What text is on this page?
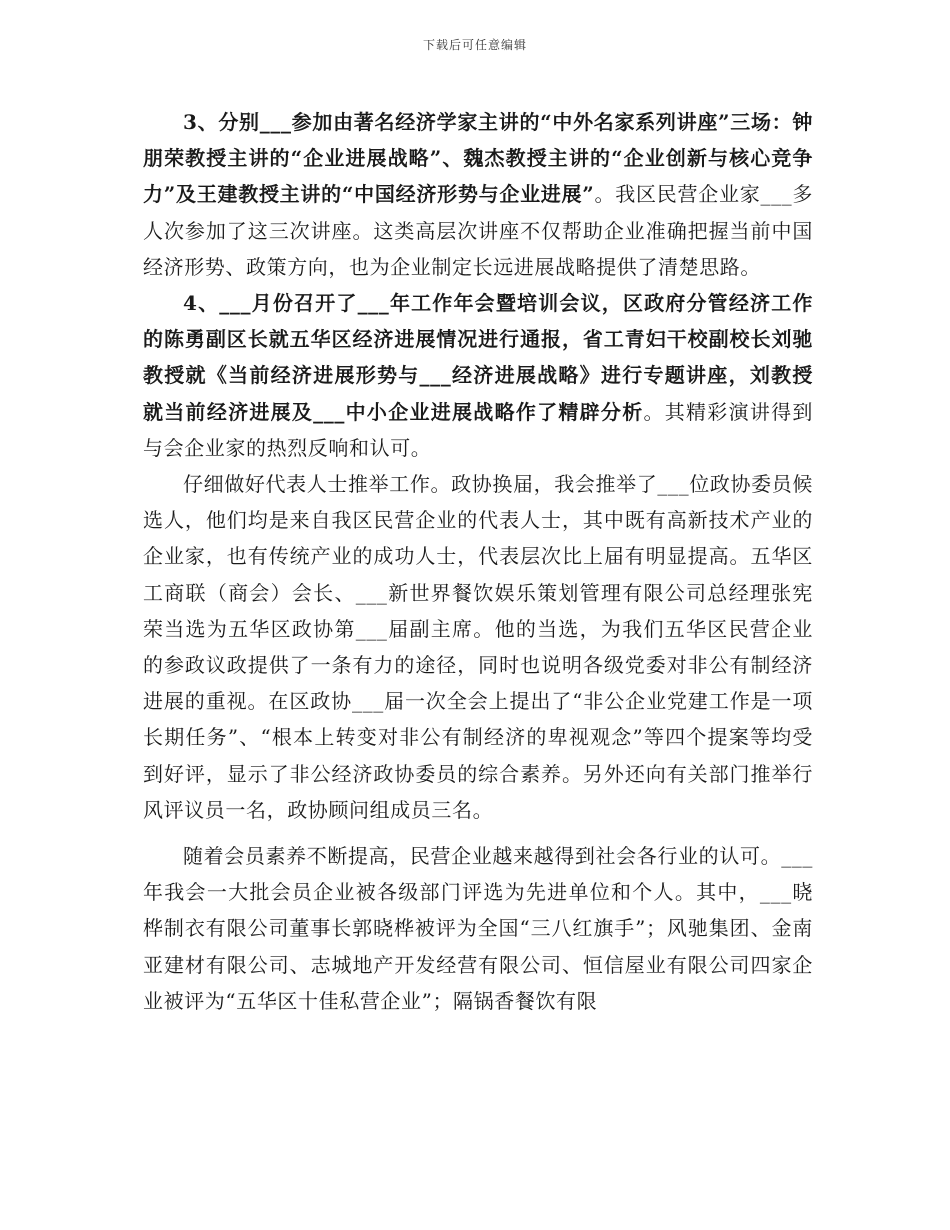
下载后可任意编辑

3、分别___参加由著名经济学家主讲的“中外名家系列讲座”三场：钟朋荣教授主讲的“企业进展战略”、魏杰教授主讲的“企业创新与核心竞争力”及王建教授主讲的“中国经济形势与企业进展”。我区民营企业家___多人次参加了这三次讲座。这类高层次讲座不仅帮助企业准确把握当前中国经济形势、政策方向，也为企业制定长远进展战略提供了清楚思路。

4、___月份召开了___年工作年会暨培训会议，区政府分管经济工作的陈勇副区长就五华区经济进展情况进行通报，省工青妇干校副校长刘驰教授就《当前经济进展形势与___经济进展战略》进行专题讲座，刘教授就当前经济进展及___中小企业进展战略作了精辟分析。其精彩演讲得到与会企业家的热烈反响和认可。

仔细做好代表人士推举工作。政协换届，我会推举了___位政协委员候选人，他们均是来自我区民营企业的代表人士，其中既有高新技术产业的企业家，也有传统产业的成功人士，代表层次比上届有明显提高。五华区工商联（商会）会长、___新世界餐饮娱乐策划管理有限公司总经理张宪荣当选为五华区政协第___届副主席。他的当选，为我们五华区民营企业的参政议政提供了一条有力的途径，同时也说明各级党委对非公有制经济进展的重视。在区政协___届一次全会上提出了“非公企业党建工作是一项长期任务”、“根本上转变对非公有制经济的卑视观念”等四个提案等均受到好评，显示了非公经济政协委员的综合素养。另外还向有关部门推举行风评议员一名，政协顾问组成员三名。

随着会员素养不断提高，民营企业越来越得到社会各行业的认可。___年我会一大批会员企业被各级部门评选为先进单位和个人。其中，___晓桦制衣有限公司董事长郭晓桦被评为全国“三八红旗手”；风驰集团、金南亚建材有限公司、志城地产开发经营有限公司、恒信屋业有限公司四家企业被评为“五华区十佳私营企业”；隔锅香餐饮有限
